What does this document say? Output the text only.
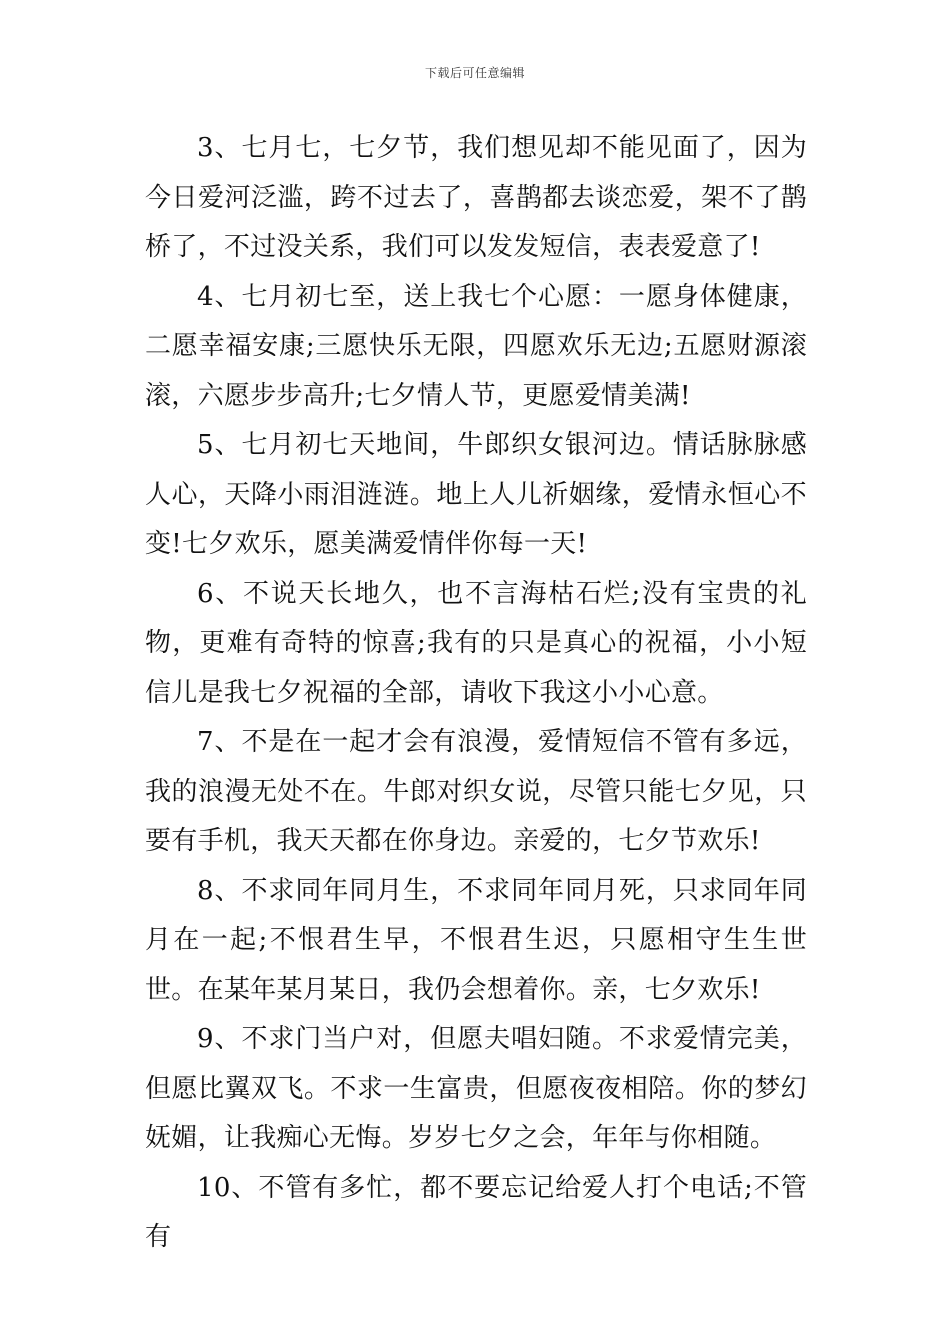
下载后可任意编辑

3、七月七，七夕节，我们想见却不能见面了，因为今日爱河泛滥，跨不过去了，喜鹊都去谈恋爱，架不了鹊桥了，不过没关系，我们可以发发短信，表表爱意了!

4、七月初七至，送上我七个心愿：一愿身体健康，二愿幸福安康;三愿快乐无限，四愿欢乐无边;五愿财源滚滚，六愿步步高升;七夕情人节，更愿爱情美满!

5、七月初七天地间，牛郎织女银河边。情话脉脉感人心，天降小雨泪涟涟。地上人儿祈姻缘，爱情永恒心不变!七夕欢乐，愿美满爱情伴你每一天!

6、不说天长地久，也不言海枯石烂;没有宝贵的礼物，更难有奇特的惊喜;我有的只是真心的祝福，小小短信儿是我七夕祝福的全部，请收下我这小小心意。

7、不是在一起才会有浪漫，爱情短信不管有多远，我的浪漫无处不在。牛郎对织女说，尽管只能七夕见，只要有手机，我天天都在你身边。亲爱的，七夕节欢乐!

8、不求同年同月生，不求同年同月死，只求同年同月在一起;不恨君生早，不恨君生迟，只愿相守生生世世。在某年某月某日，我仍会想着你。亲，七夕欢乐!

9、不求门当户对，但愿夫唱妇随。不求爱情完美，但愿比翼双飞。不求一生富贵，但愿夜夜相陪。你的梦幻妩媚，让我痴心无悔。岁岁七夕之会，年年与你相随。

10、不管有多忙，都不要忘记给爱人打个电话;不管有
